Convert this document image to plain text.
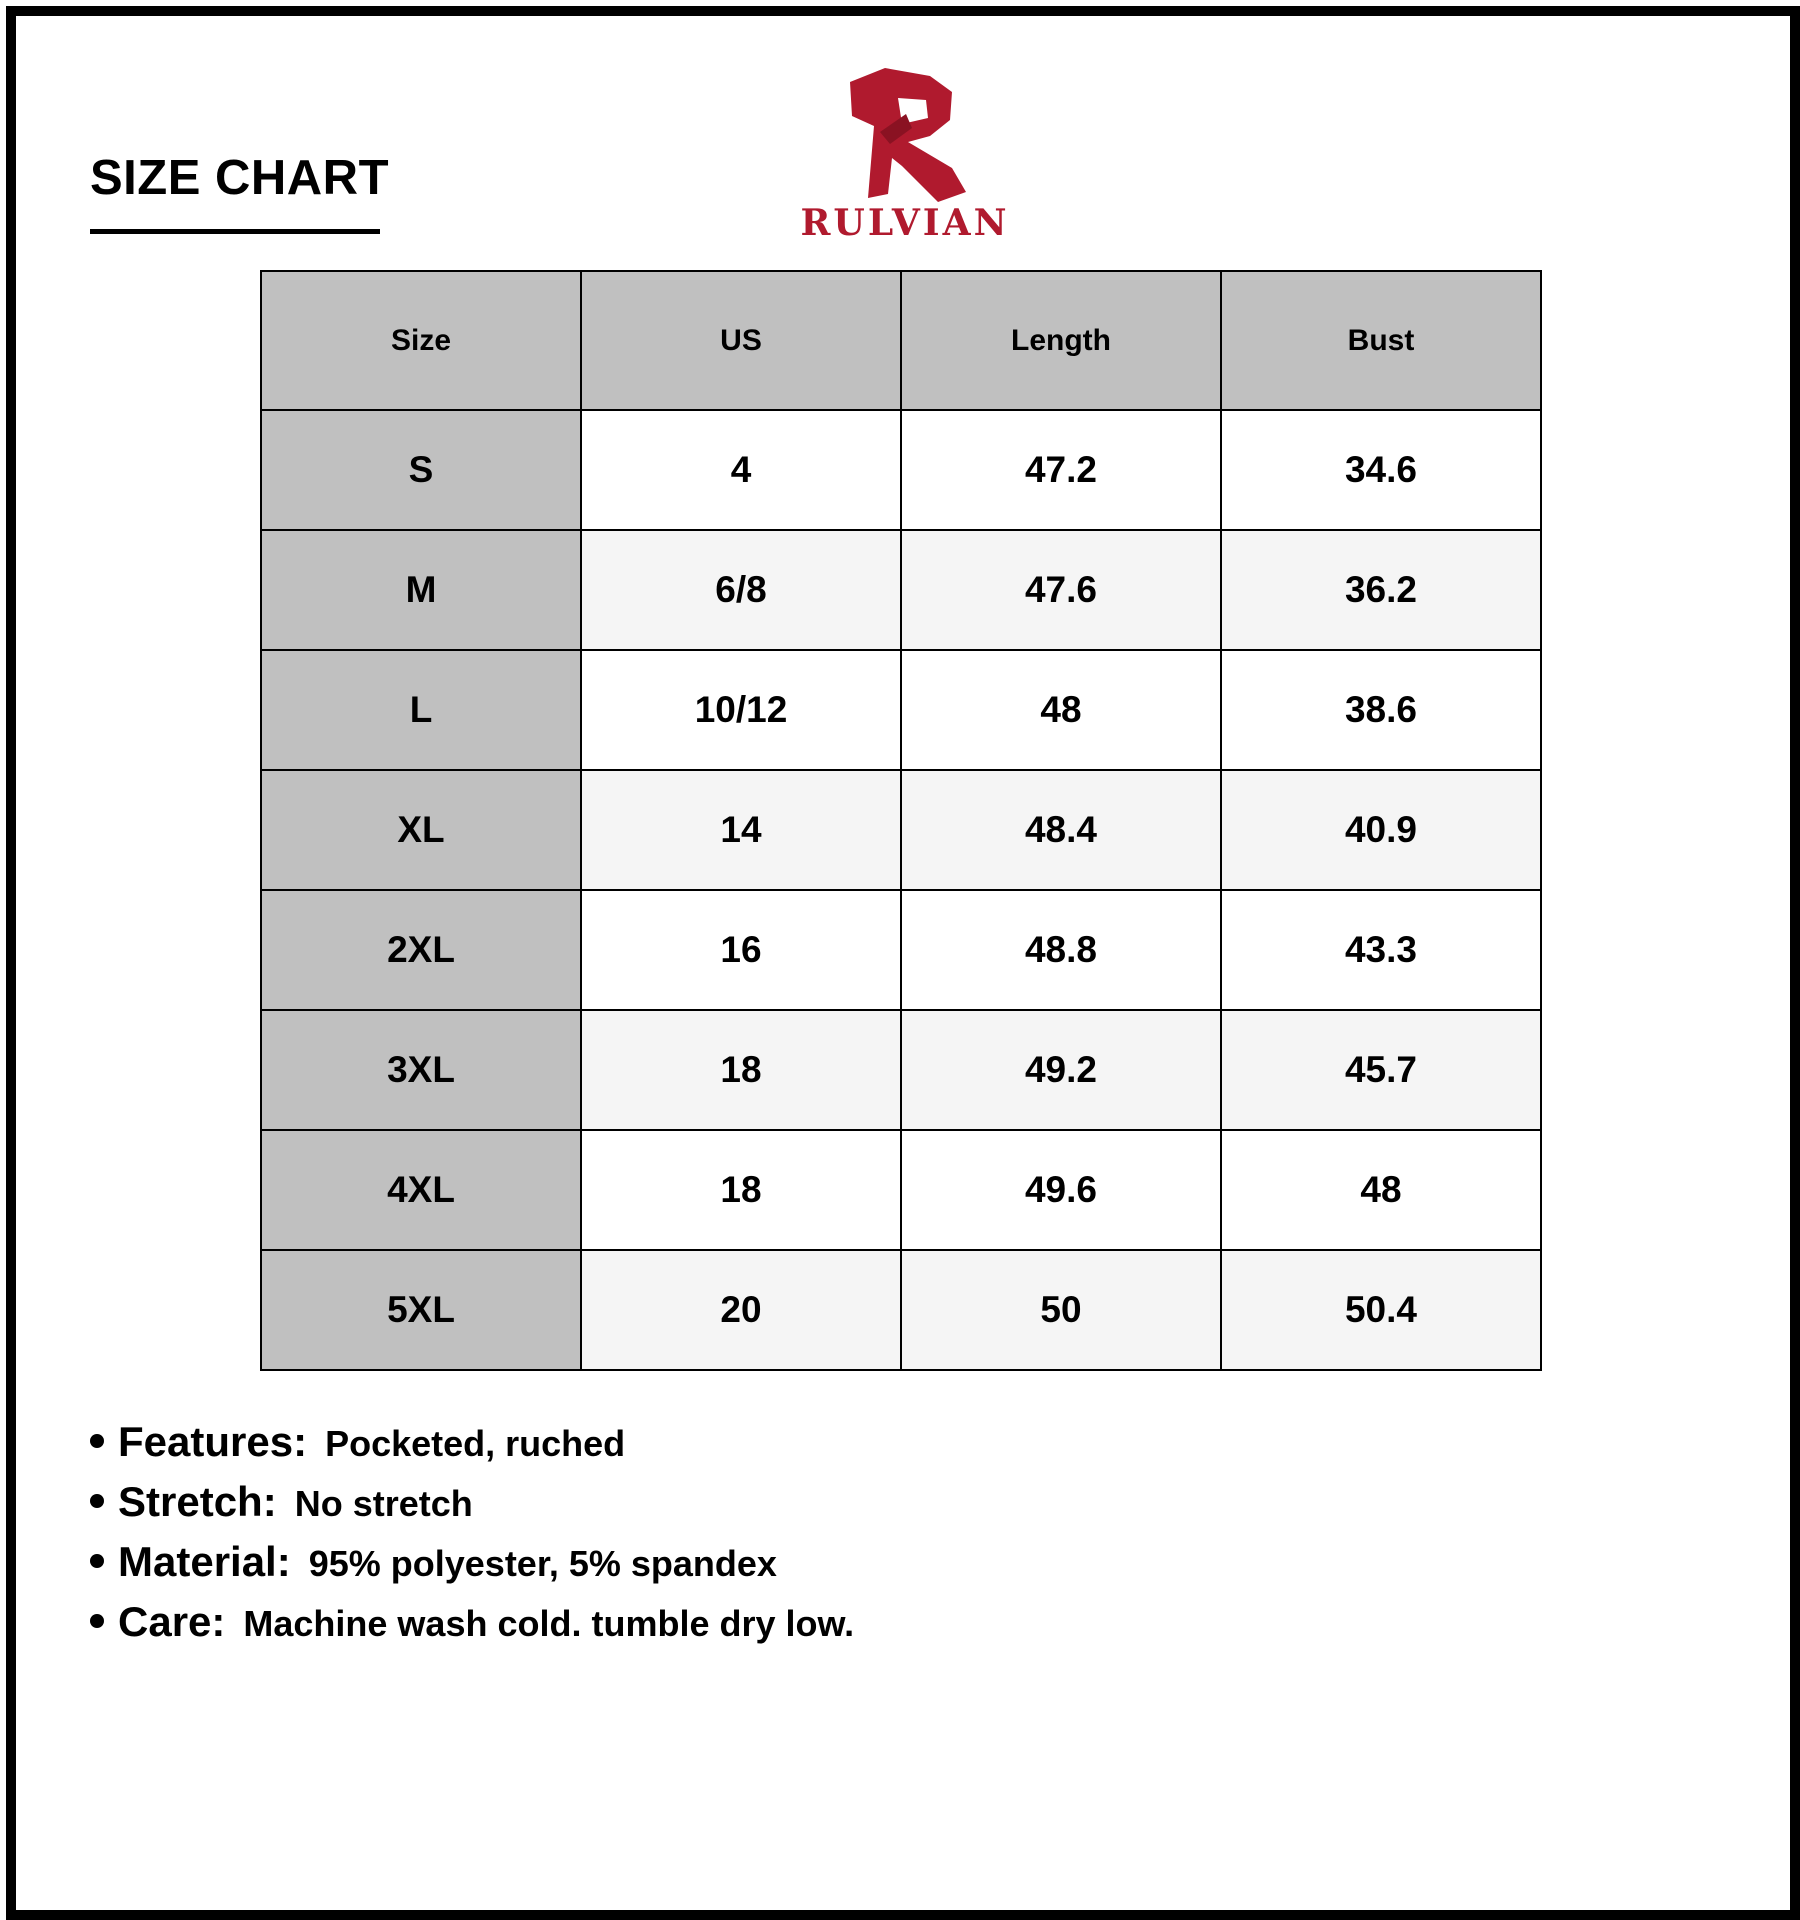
SIZE CHART
RULVIAN
Size	US	Length	Bust
S	4	47.2	34.6
M	6/8	47.6	36.2
L	10/12	48	38.6
XL	14	48.4	40.9
2XL	16	48.8	43.3
3XL	18	49.2	45.7
4XL	18	49.6	48
5XL	20	50	50.4
Features: Pocketed, ruched
Stretch: No stretch
Material: 95% polyester, 5% spandex
Care: Machine wash cold. tumble dry low.
